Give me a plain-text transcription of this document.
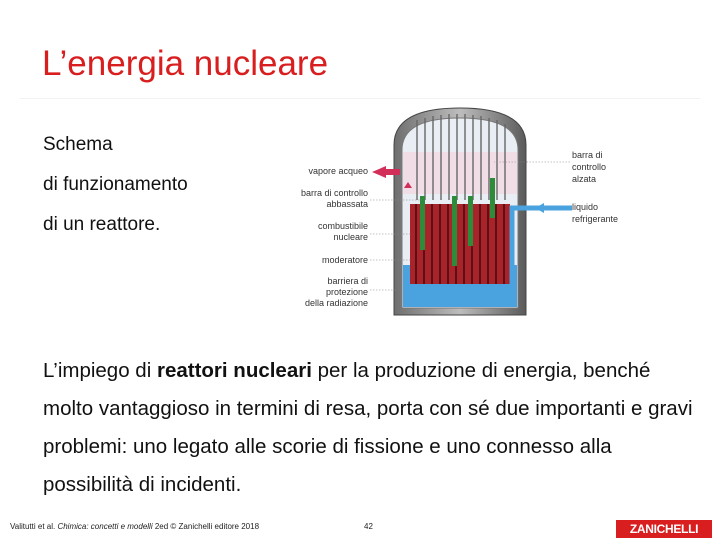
L’energia nucleare
Schema
di funzionamento
di un reattore.
vapore acqueo
barra di controllo
abbassata
combustibile
nucleare
moderatore
barriera di
protezione
della radiazione
barra di
controllo
alzata
liquido
refrigerante
L’impiego di reattori nucleari per la produzione di energia, benché molto vantaggioso in termini di resa, porta con sé due importanti e gravi problemi: uno legato alle scorie di fissione e uno connesso alla possibilità di incidenti.
Valitutti et al. Chimica: concetti e modelli 2ed © Zanichelli editore 2018	42	ZANICHELLI
